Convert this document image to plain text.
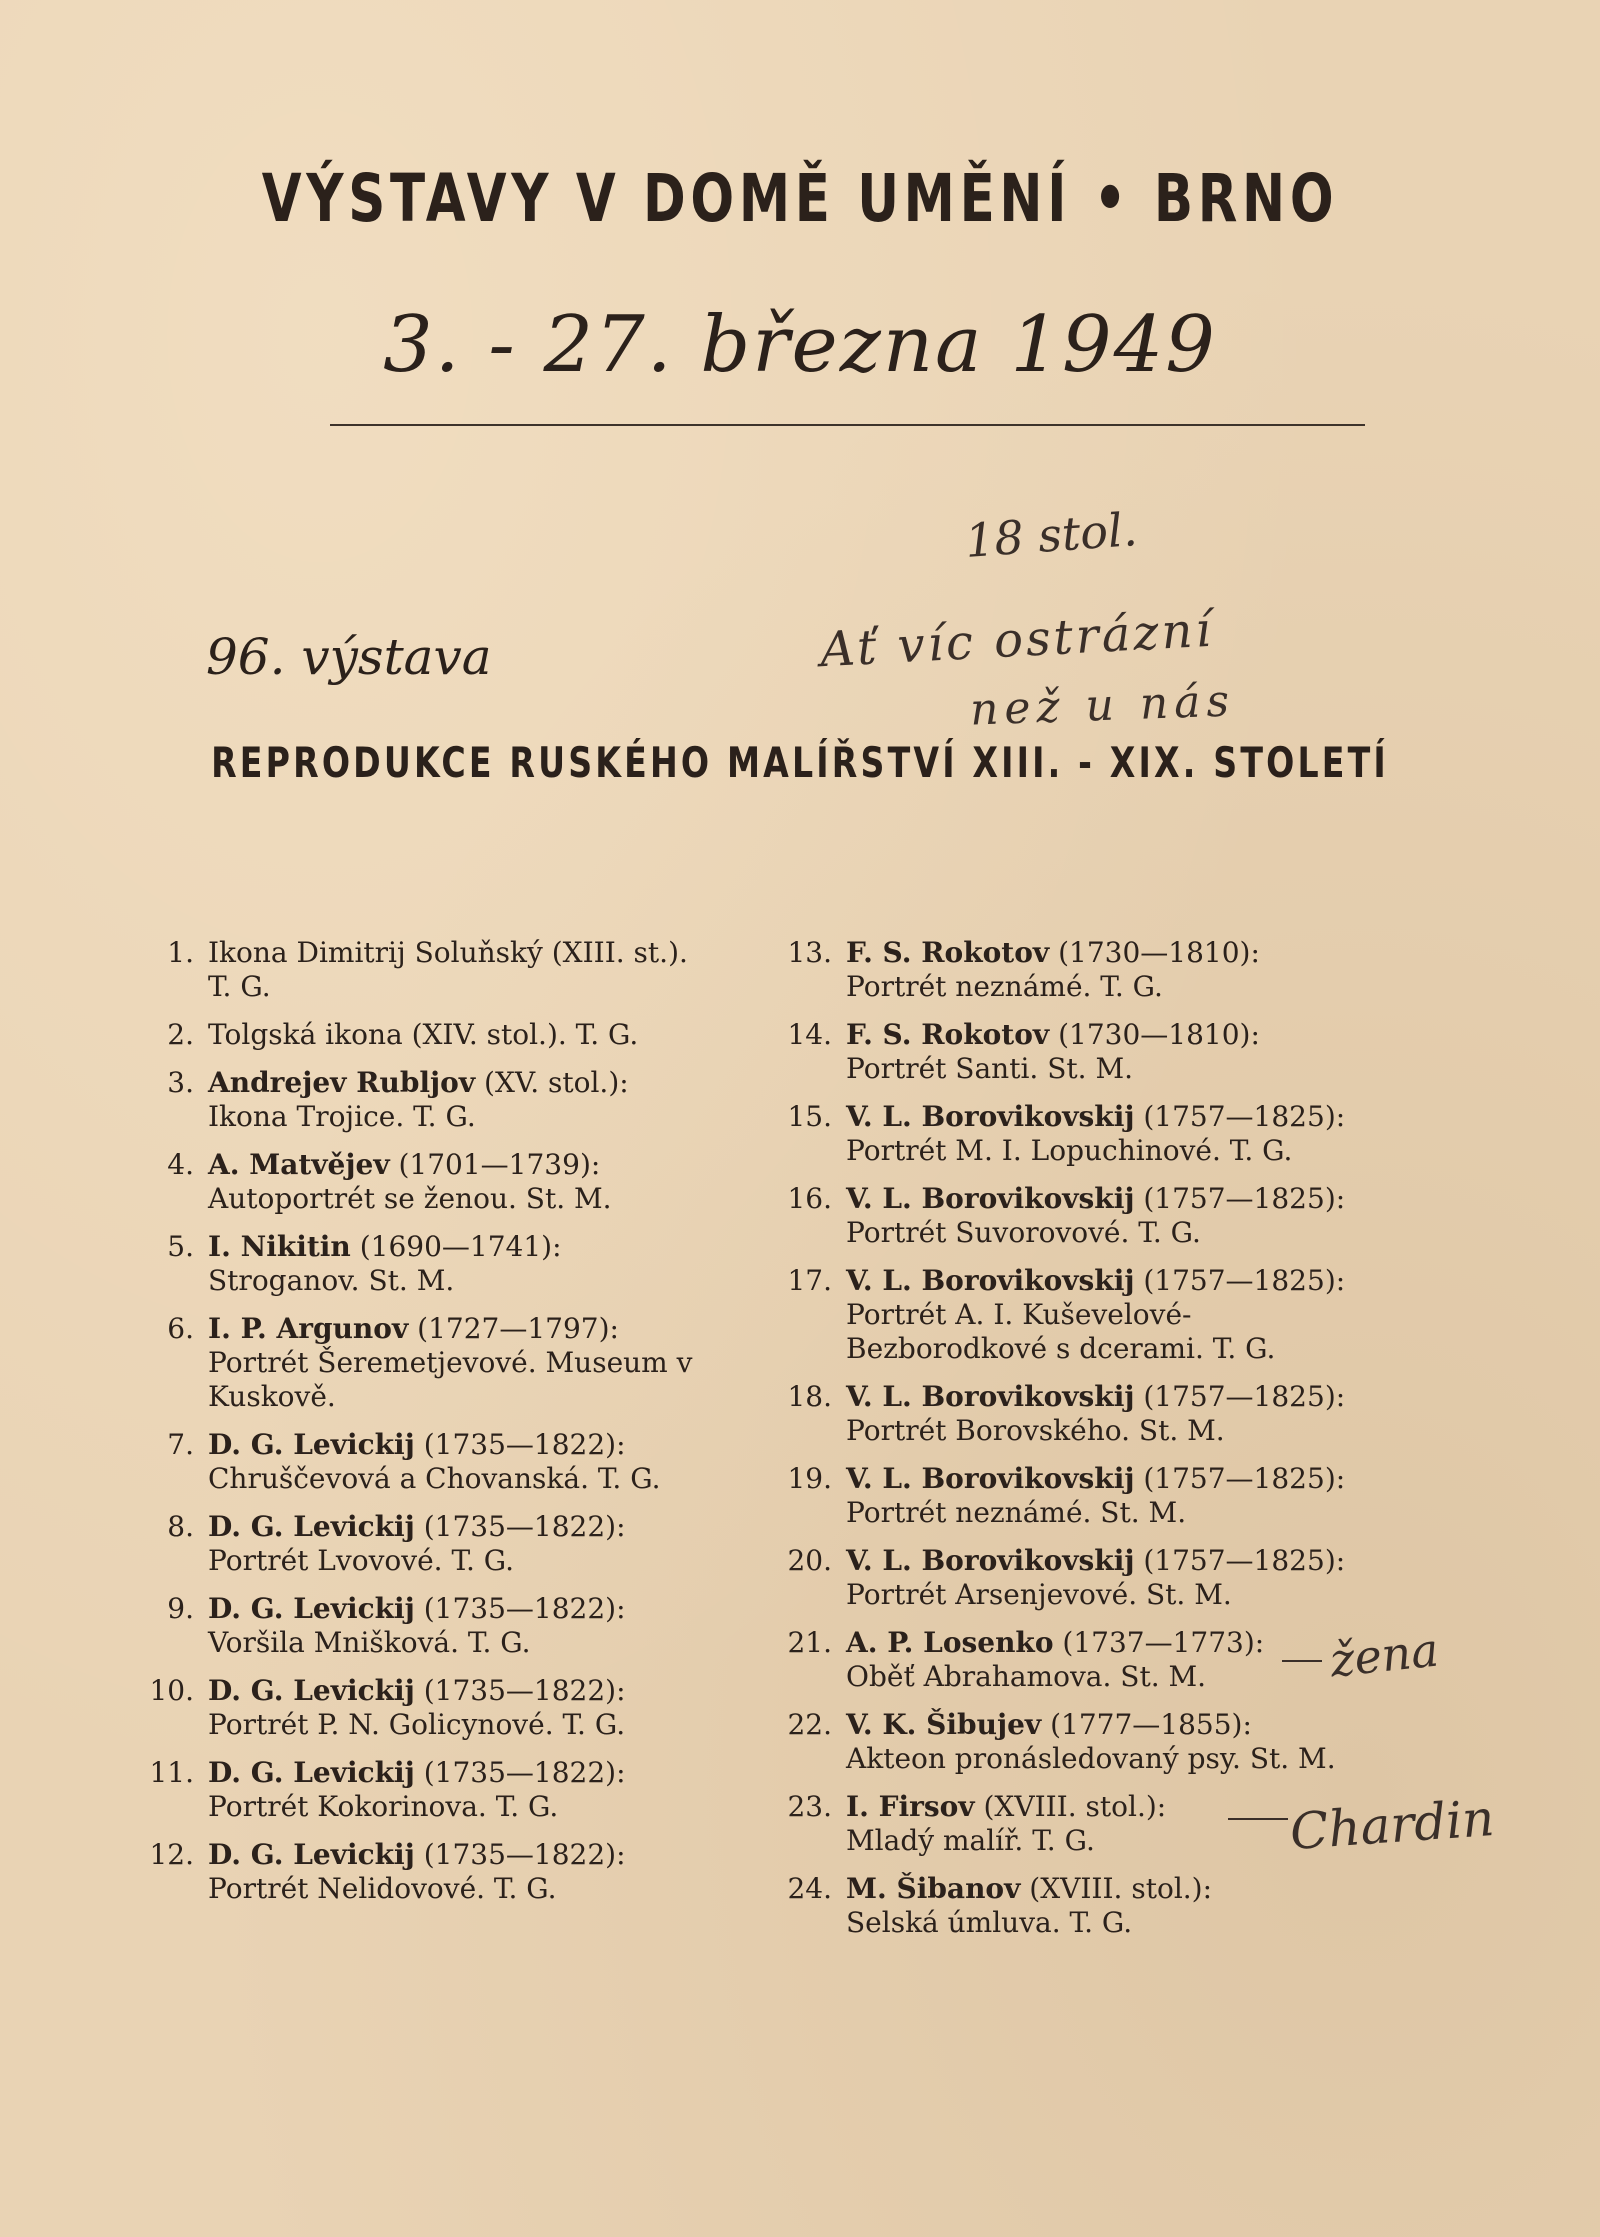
VÝSTAVY V DOMĚ UMĚNÍ • BRNO
3. - 27. března 1949
18 stol.
96. výstava	Ať víc ostrázní
než u nás
REPRODUKCE RUSKÉHO MALÍŘSTVÍ XIII. - XIX. STOLETÍ
1. Ikona Dimitrij Soluňský (XIII. st.). T. G.
2. Tolgská ikona (XIV. stol.). T. G.
3. Andrejev Rubljov (XV. stol.):
Ikona Trojice. T. G.
4. A. Matvějev (1701—1739):
Autoportrét se ženou. St. M.
5. I. Nikitin (1690—1741):
Stroganov. St. M.
6. I. P. Argunov (1727—1797):
Portrét Šeremetjevové. Museum v Kuskově.
7. D. G. Levickij (1735—1822):
Chruščevová a Chovanská. T. G.
8. D. G. Levickij (1735—1822):
Portrét Lvovové. T. G.
9. D. G. Levickij (1735—1822):
Voršila Mnišková. T. G.
10. D. G. Levickij (1735—1822):
Portrét P. N. Golicynové. T. G.
11. D. G. Levickij (1735—1822):
Portrét Kokorinova. T. G.
12. D. G. Levickij (1735—1822):
Portrét Nelidovové. T. G.
13. F. S. Rokotov (1730—1810):
Portrét neznámé. T. G.
14. F. S. Rokotov (1730—1810):
Portrét Santi. St. M.
15. V. L. Borovikovskij (1757—1825):
Portrét M. I. Lopuchinové. T. G.
16. V. L. Borovikovskij (1757—1825):
Portrét Suvorovové. T. G.
17. V. L. Borovikovskij (1757—1825):
Portrét A. I. Kuševelové-Bezborodkové s dcerami. T. G.
18. V. L. Borovikovskij (1757—1825):
Portrét Borovského. St. M.
19. V. L. Borovikovskij (1757—1825):
Portrét neznámé. St. M.
20. V. L. Borovikovskij (1757—1825):
Portrét Arsenjevové. St. M.
21. A. P. Losenko (1737—1773):
Oběť Abrahamova. St. M.
22. V. K. Šibujev (1777—1855):
Akteon pronásledovaný psy. St. M.
23. I. Firsov (XVIII. stol.):
Mladý malíř. T. G.
24. M. Šibanov (XVIII. stol.):
Selská úmluva. T. G.
žena
Chardin
